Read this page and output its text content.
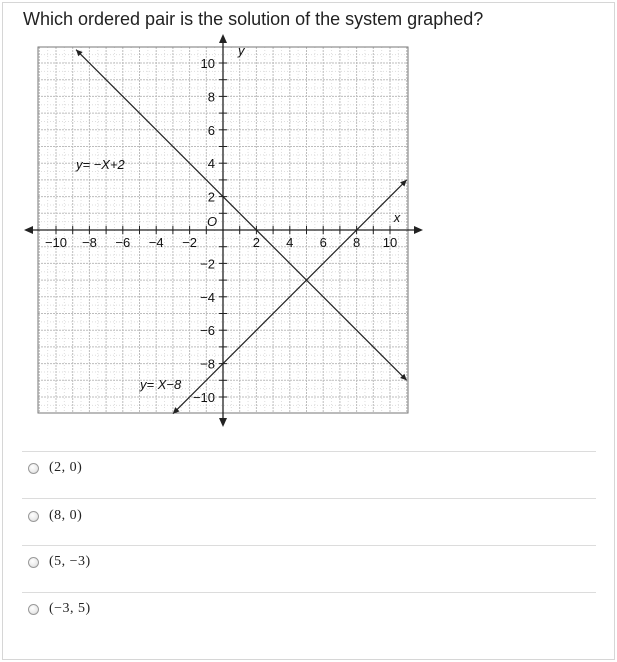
Which ordered pair is the solution of the system graphed?
−10 −8 −6 −4 −2	2 4 6 8 10
10
8
6
4
2
−2
−4
−6
−8
−10
x
y
O
y= −X+2
y= X−8
(2, 0)
(8, 0)
(5, −3)
(−3, 5)
